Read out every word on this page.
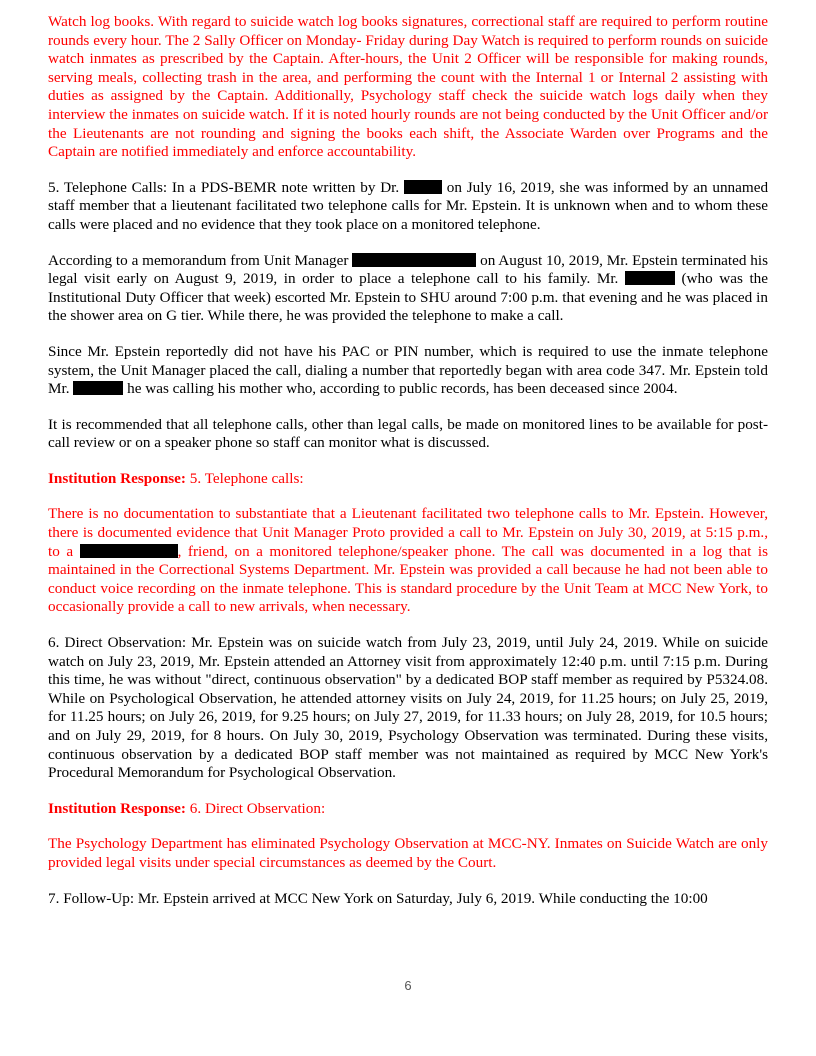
Watch log books. With regard to suicide watch log books signatures, correctional staff are required to perform routine rounds every hour. The 2 Sally Officer on Monday- Friday during Day Watch is required to perform rounds on suicide watch inmates as prescribed by the Captain. After-hours, the Unit 2 Officer will be responsible for making rounds, serving meals, collecting trash in the area, and performing the count with the Internal 1 or Internal 2 assisting with duties as assigned by the Captain. Additionally, Psychology staff check the suicide watch logs daily when they interview the inmates on suicide watch. If it is noted hourly rounds are not being conducted by the Unit Officer and/or the Lieutenants are not rounding and signing the books each shift, the Associate Warden over Programs and the Captain are notified immediately and enforce accountability.

5. Telephone Calls: In a PDS-BEMR note written by Dr.	on July 16, 2019, she was informed by an unnamed staff member that a lieutenant facilitated two telephone calls for Mr. Epstein. It is unknown when and to whom these calls were placed and no evidence that they took place on a monitored telephone.

According to a memorandum from Unit Manager	on August 10, 2019, Mr. Epstein terminated his legal visit early on August 9, 2019, in order to place a telephone call to his family. Mr.	(who was the Institutional Duty Officer that week) escorted Mr. Epstein to SHU around 7:00 p.m. that evening and he was placed in the shower area on G tier. While there, he was provided the telephone to make a call.

Since Mr. Epstein reportedly did not have his PAC or PIN number, which is required to use the inmate telephone system, the Unit Manager placed the call, dialing a number that reportedly began with area code 347. Mr. Epstein told Mr.	he was calling his mother who, according to public records, has been deceased since 2004.

It is recommended that all telephone calls, other than legal calls, be made on monitored lines to be available for post-call review or on a speaker phone so staff can monitor what is discussed.

Institution Response: 5. Telephone calls:

There is no documentation to substantiate that a Lieutenant facilitated two telephone calls to Mr. Epstein. However, there is documented evidence that Unit Manager Proto provided a call to Mr. Epstein on July 30, 2019, at 5:15 p.m., to a	, friend, on a monitored telephone/speaker phone. The call was documented in a log that is maintained in the Correctional Systems Department. Mr. Epstein was provided a call because he had not been able to conduct voice recording on the inmate telephone. This is standard procedure by the Unit Team at MCC New York, to occasionally provide a call to new arrivals, when necessary.

6. Direct Observation: Mr. Epstein was on suicide watch from July 23, 2019, until July 24, 2019. While on suicide watch on July 23, 2019, Mr. Epstein attended an Attorney visit from approximately 12:40 p.m. until 7:15 p.m. During this time, he was without "direct, continuous observation" by a dedicated BOP staff member as required by P5324.08. While on Psychological Observation, he attended attorney visits on July 24, 2019, for 11.25 hours; on July 25, 2019, for 11.25 hours; on July 26, 2019, for 9.25 hours; on July 27, 2019, for 11.33 hours; on July 28, 2019, for 10.5 hours; and on July 29, 2019, for 8 hours. On July 30, 2019, Psychology Observation was terminated. During these visits, continuous observation by a dedicated BOP staff member was not maintained as required by MCC New York's Procedural Memorandum for Psychological Observation.

Institution Response: 6. Direct Observation:

The Psychology Department has eliminated Psychology Observation at MCC-NY. Inmates on Suicide Watch are only provided legal visits under special circumstances as deemed by the Court.

7. Follow-Up: Mr. Epstein arrived at MCC New York on Saturday, July 6, 2019. While conducting the 10:00

6
